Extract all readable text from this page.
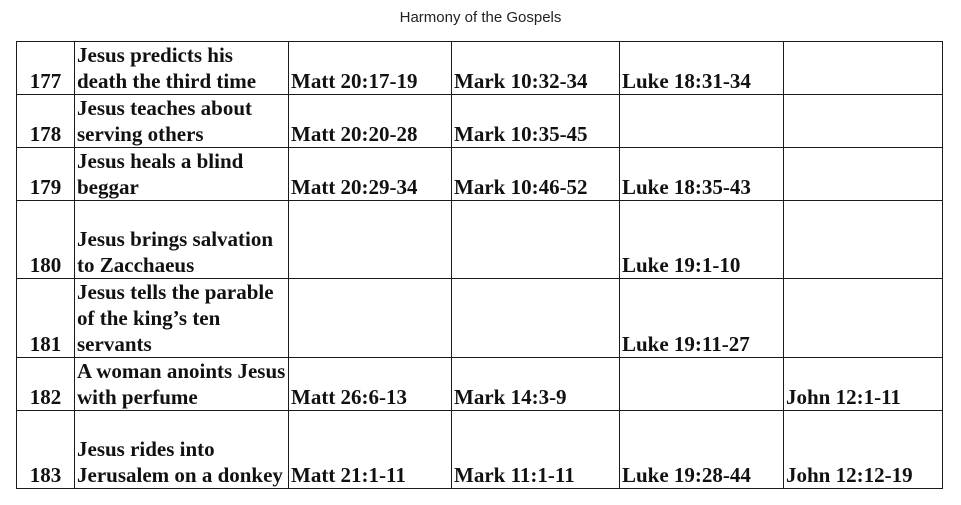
Harmony of the Gospels
177	Jesus predicts his death the third time	Matt 20:17-19	Mark 10:32-34	Luke 18:31-34	
178	Jesus teaches about serving others	Matt 20:20-28	Mark 10:35-45		
179	Jesus heals a blind beggar	Matt 20:29-34	Mark 10:46-52	Luke 18:35-43	
180	Jesus brings salvation to Zacchaeus			Luke 19:1-10	
181	Jesus tells the parable of the king’s ten servants			Luke 19:11-27	
182	A woman anoints Jesus with perfume	Matt 26:6-13	Mark 14:3-9		John 12:1-11
183	Jesus rides into Jerusalem on a donkey	Matt 21:1-11	Mark 11:1-11	Luke 19:28-44	John 12:12-19
